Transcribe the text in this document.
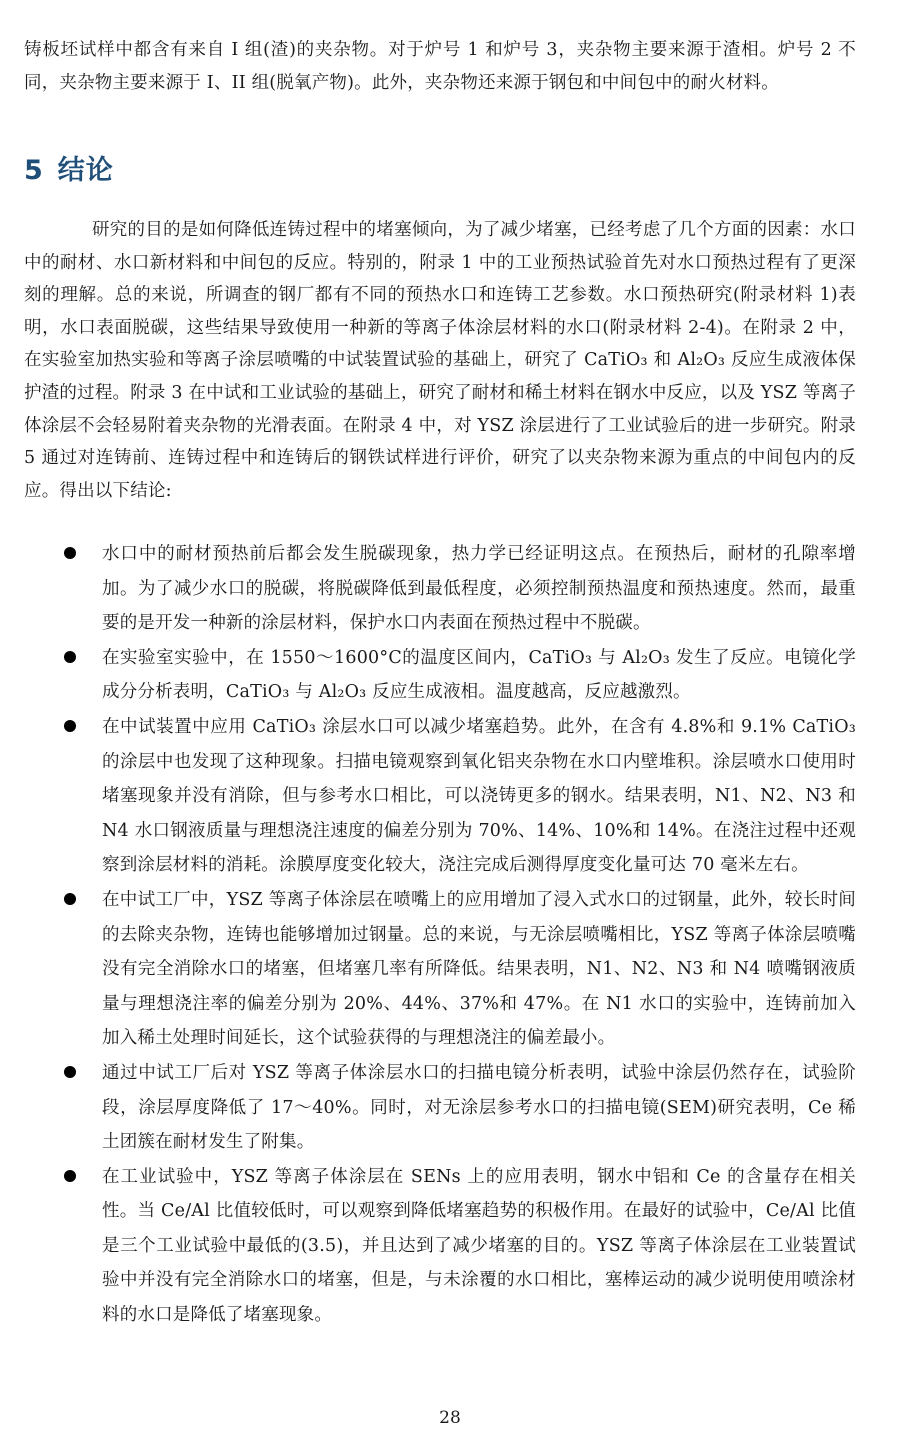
铸板坯试样中都含有来自 I 组(渣)的夹杂物。对于炉号 1 和炉号 3，夹杂物主要来源于渣相。炉号 2 不同，夹杂物主要来源于 I、II 组(脱氧产物)。此外，夹杂物还来源于钢包和中间包中的耐火材料。

5 结论

研究的目的是如何降低连铸过程中的堵塞倾向，为了减少堵塞，已经考虑了几个方面的因素：水口中的耐材、水口新材料和中间包的反应。特别的，附录 1 中的工业预热试验首先对水口预热过程有了更深刻的理解。总的来说，所调查的钢厂都有不同的预热水口和连铸工艺参数。水口预热研究(附录材料 1)表明，水口表面脱碳，这些结果导致使用一种新的等离子体涂层材料的水口(附录材料 2-4)。在附录 2 中，在实验室加热实验和等离子涂层喷嘴的中试装置试验的基础上，研究了 CaTiO₃ 和 Al₂O₃ 反应生成液体保护渣的过程。附录 3 在中试和工业试验的基础上，研究了耐材和稀土材料在钢水中反应，以及 YSZ 等离子体涂层不会轻易附着夹杂物的光滑表面。在附录 4 中，对 YSZ 涂层进行了工业试验后的进一步研究。附录 5 通过对连铸前、连铸过程中和连铸后的钢铁试样进行评价，研究了以夹杂物来源为重点的中间包内的反应。得出以下结论:

水口中的耐材预热前后都会发生脱碳现象，热力学已经证明这点。在预热后，耐材的孔隙率增加。为了减少水口的脱碳，将脱碳降低到最低程度，必须控制预热温度和预热速度。然而，最重要的是开发一种新的涂层材料，保护水口内表面在预热过程中不脱碳。
在实验室实验中，在 1550～1600°C的温度区间内，CaTiO₃ 与 Al₂O₃ 发生了反应。电镜化学成分分析表明，CaTiO₃ 与 Al₂O₃ 反应生成液相。温度越高，反应越激烈。
在中试装置中应用 CaTiO₃ 涂层水口可以减少堵塞趋势。此外，在含有 4.8%和 9.1% CaTiO₃ 的涂层中也发现了这种现象。扫描电镜观察到氧化铝夹杂物在水口内壁堆积。涂层喷水口使用时堵塞现象并没有消除，但与参考水口相比，可以浇铸更多的钢水。结果表明，N1、N2、N3 和 N4 水口钢液质量与理想浇注速度的偏差分别为 70%、14%、10%和 14%。在浇注过程中还观察到涂层材料的消耗。涂膜厚度变化较大，浇注完成后测得厚度变化量可达 70 毫米左右。
在中试工厂中，YSZ 等离子体涂层在喷嘴上的应用增加了浸入式水口的过钢量，此外，较长时间的去除夹杂物，连铸也能够增加过钢量。总的来说，与无涂层喷嘴相比，YSZ 等离子体涂层喷嘴没有完全消除水口的堵塞，但堵塞几率有所降低。结果表明，N1、N2、N3 和 N4 喷嘴钢液质量与理想浇注率的偏差分别为 20%、44%、37%和 47%。在 N1 水口的实验中，连铸前加入加入稀土处理时间延长，这个试验获得的与理想浇注的偏差最小。
通过中试工厂后对 YSZ 等离子体涂层水口的扫描电镜分析表明，试验中涂层仍然存在，试验阶段，涂层厚度降低了 17～40%。同时，对无涂层参考水口的扫描电镜(SEM)研究表明，Ce 稀土团簇在耐材发生了附集。
在工业试验中，YSZ 等离子体涂层在 SENs 上的应用表明，钢水中铝和 Ce 的含量存在相关性。当 Ce/Al 比值较低时，可以观察到降低堵塞趋势的积极作用。在最好的试验中，Ce/Al 比值是三个工业试验中最低的(3.5)，并且达到了减少堵塞的目的。YSZ 等离子体涂层在工业装置试验中并没有完全消除水口的堵塞，但是，与未涂覆的水口相比，塞棒运动的减少说明使用喷涂材料的水口是降低了堵塞现象。
28
